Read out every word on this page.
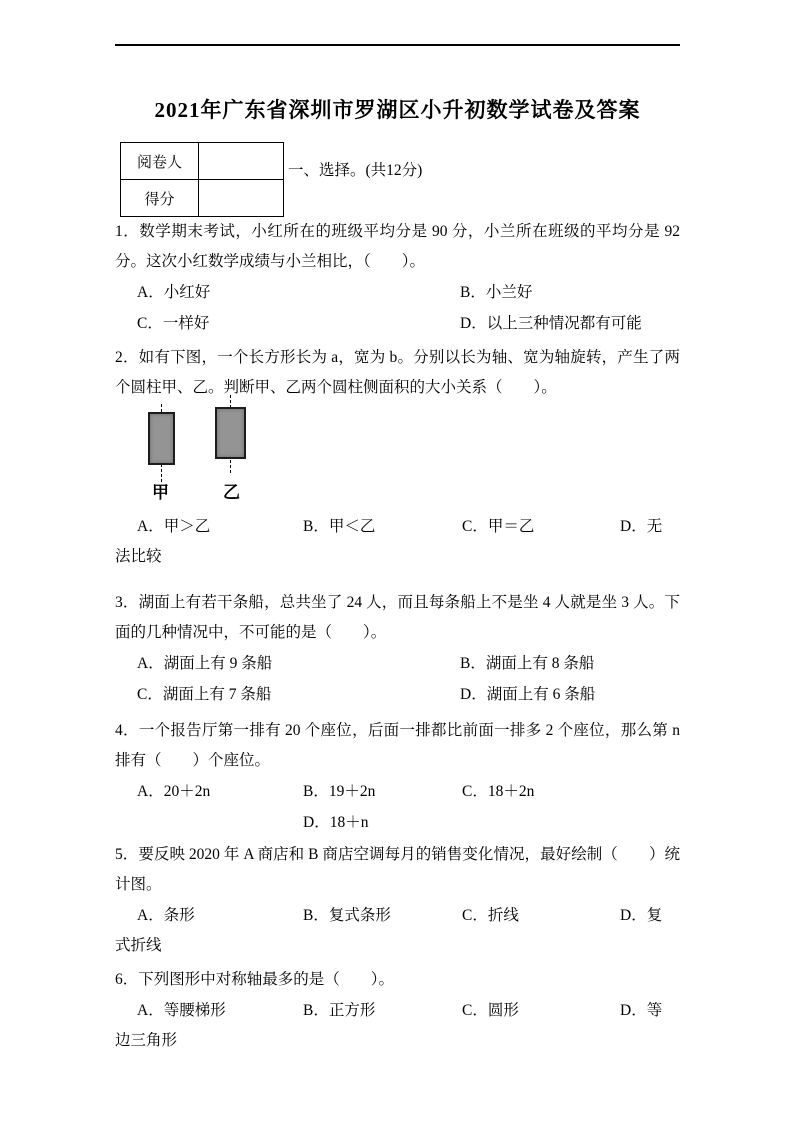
2021年广东省深圳市罗湖区小升初数学试卷及答案
阅卷人	
得分	
一、选择。(共12分)

1．数学期末考试，小红所在的班级平均分是 90 分，小兰所在班级的平均分是 92 分。这次小红数学成绩与小兰相比，（　　）。

A．小红好	B．小兰好
C．一样好	D．以上三种情况都有可能

2．如有下图，一个长方形长为 a，宽为 b。分别以长为轴、宽为轴旋转，产生了两个圆柱甲、乙。判断甲、乙两个圆柱侧面积的大小关系（　　）。

甲	乙
A．甲＞乙	B．甲＜乙	C．甲＝乙	D．无

法比较

3．湖面上有若干条船，总共坐了 24 人，而且每条船上不是坐 4 人就是坐 3 人。下面的几种情况中，不可能的是（　　）。

A．湖面上有 9 条船	B．湖面上有 8 条船
C．湖面上有 7 条船	D．湖面上有 6 条船

4．一个报告厅第一排有 20 个座位，后面一排都比前面一排多 2 个座位，那么第 n 排有（　　）个座位。

A．20＋2n	B．19＋2n	C．18＋2n
D．18＋n

5．要反映 2020 年 A 商店和 B 商店空调每月的销售变化情况，最好绘制（　　）统计图。

A．条形	B．复式条形	C．折线	D．复

式折线

6．下列图形中对称轴最多的是（　　）。

A．等腰梯形	B．正方形	C．圆形	D．等

边三角形
